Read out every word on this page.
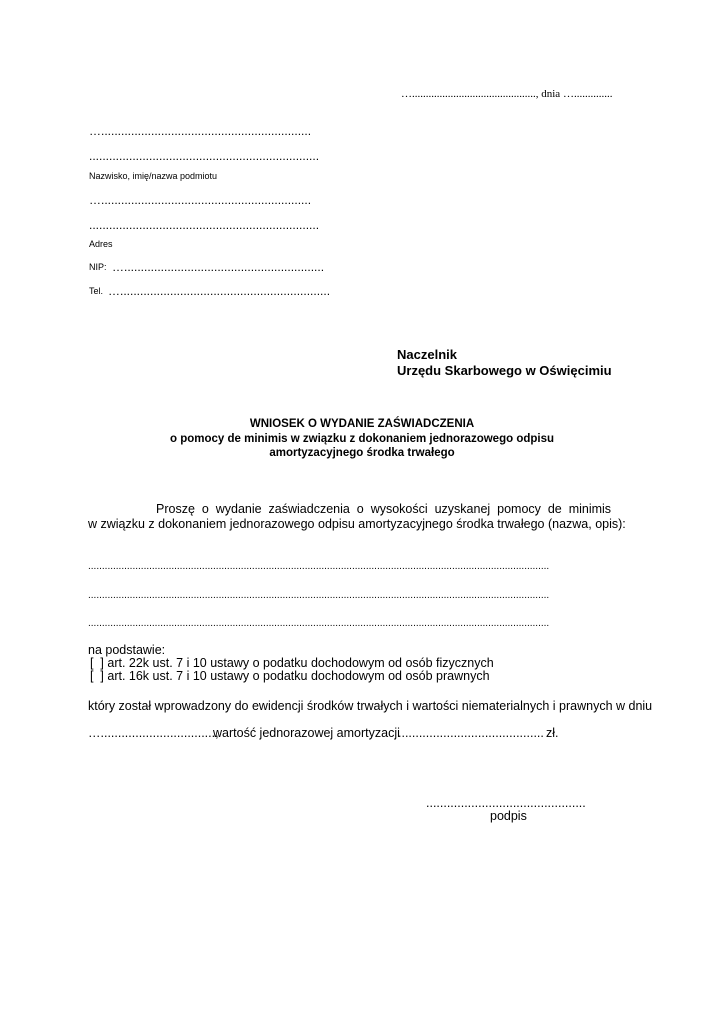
…............................................., dnia …..............
…...............................................................
.....................................................................
Nazwisko, imię/nazwa podmiotu
…...............................................................
.....................................................................
Adres
NIP: …............................................................
Tel. …...............................................................
Naczelnik
Urzędu Skarbowego w Oświęcimiu
WNIOSEK O WYDANIE ZAŚWIADCZENIA
o pomocy de minimis w związku z dokonaniem jednorazowego odpisu
amortyzacyjnego środka trwałego
Proszę  o  wydanie  zaświadczenia  o  wysokości  uzyskanej  pomocy  de  minimis
w związku z dokonaniem jednorazowego odpisu amortyzacyjnego środka trwałego (nazwa, opis):
......................................................................................................................................................................
......................................................................................................................................................................
......................................................................................................................................................................
na podstawie:
[  ] art. 22k ust. 7 i 10 ustawy o podatku dochodowym od osób fizycznych
[  ] art. 16k ust. 7 i 10 ustawy o podatku dochodowym od osób prawnych
który został wprowadzony do ewidencji środków trwałych i wartości niematerialnych i prawnych w dniu
….................................,
wartość jednorazowej amortyzacji
.......................................... zł.
..............................................
podpis
